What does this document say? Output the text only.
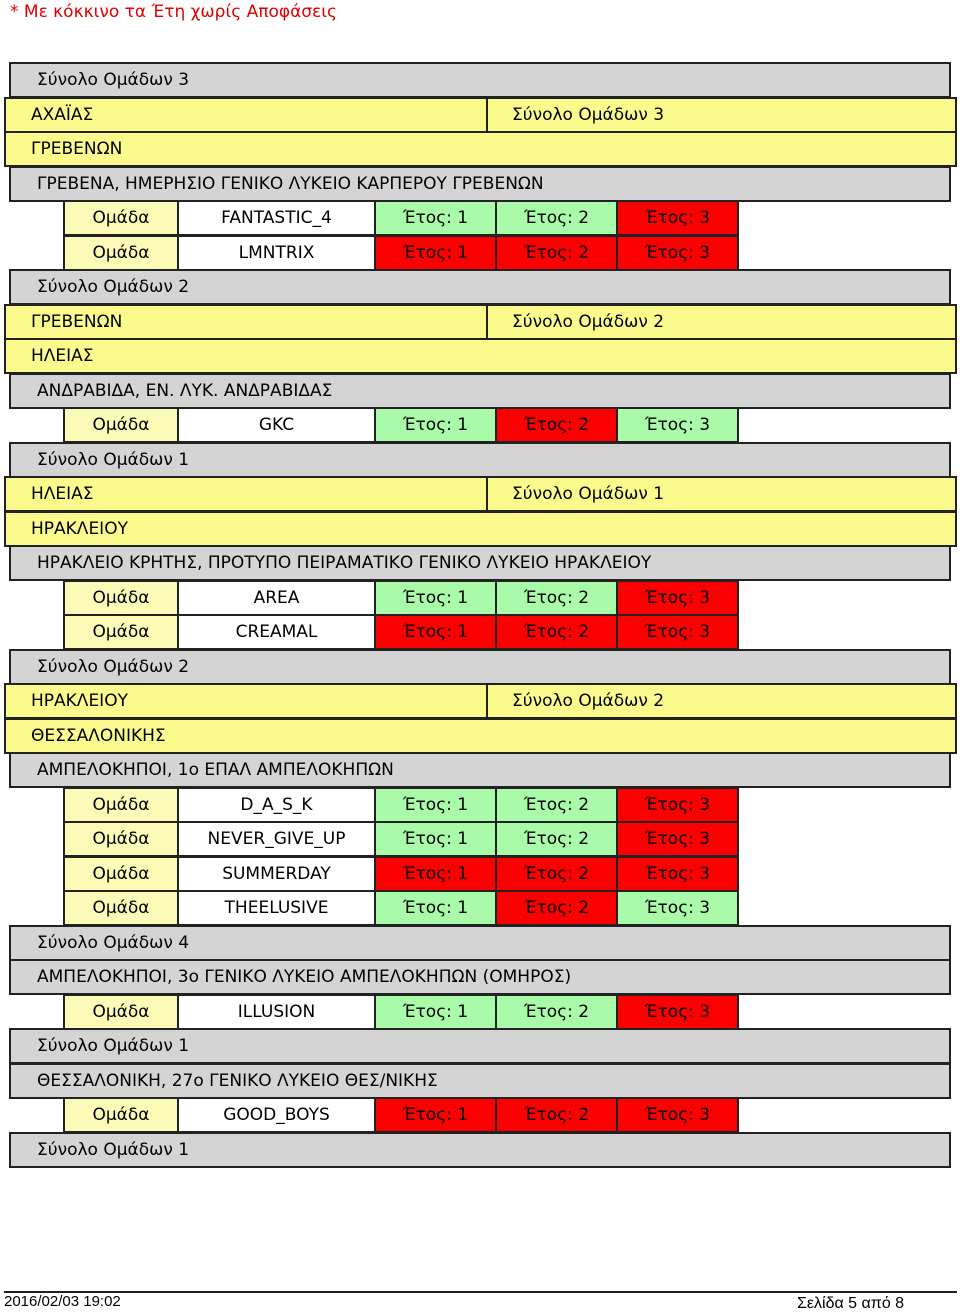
* Με κόκκινο τα Έτη χωρίς Αποφάσεις
Σύνολο Ομάδων 3
ΑΧΑΪΑΣ	Σύνολο Ομάδων 3
ΓΡΕΒΕΝΩΝ
ΓΡΕΒΕΝΑ, ΗΜΕΡΗΣΙΟ ΓΕΝΙΚΟ ΛΥΚΕΙΟ ΚΑΡΠΕΡΟΥ ΓΡΕΒΕΝΩΝ
Ομάδα	FANTASTIC_4	Έτος: 1	Έτος: 2	Έτος: 3
Ομάδα	LMNTRIX	Έτος: 1	Έτος: 2	Έτος: 3
Σύνολο Ομάδων 2
ΓΡΕΒΕΝΩΝ	Σύνολο Ομάδων 2
ΗΛΕΙΑΣ
ΑΝΔΡΑΒΙΔΑ, ΕΝ. ΛΥΚ. ΑΝΔΡΑΒΙΔΑΣ
Ομάδα	GKC	Έτος: 1	Έτος: 2	Έτος: 3
Σύνολο Ομάδων 1
ΗΛΕΙΑΣ	Σύνολο Ομάδων 1
ΗΡΑΚΛΕΙΟΥ
ΗΡΑΚΛΕΙΟ ΚΡΗΤΗΣ, ΠΡΟΤΥΠΟ ΠΕΙΡΑΜΑΤΙΚΟ ΓΕΝΙΚΟ ΛΥΚΕΙΟ ΗΡΑΚΛΕΙΟΥ
Ομάδα	AREA	Έτος: 1	Έτος: 2	Έτος: 3
Ομάδα	CREAMAL	Έτος: 1	Έτος: 2	Έτος: 3
Σύνολο Ομάδων 2
ΗΡΑΚΛΕΙΟΥ	Σύνολο Ομάδων 2
ΘΕΣΣΑΛΟΝΙΚΗΣ
ΑΜΠΕΛΟΚΗΠΟΙ, 1ο ΕΠΑΛ ΑΜΠΕΛΟΚΗΠΩΝ
Ομάδα	D_A_S_K	Έτος: 1	Έτος: 2	Έτος: 3
Ομάδα	NEVER_GIVE_UP	Έτος: 1	Έτος: 2	Έτος: 3
Ομάδα	SUMMERDAY	Έτος: 1	Έτος: 2	Έτος: 3
Ομάδα	THEELUSIVE	Έτος: 1	Έτος: 2	Έτος: 3
Σύνολο Ομάδων 4
ΑΜΠΕΛΟΚΗΠΟΙ, 3ο ΓΕΝΙΚΟ ΛΥΚΕΙΟ ΑΜΠΕΛΟΚΗΠΩΝ (ΟΜΗΡΟΣ)
Ομάδα	ILLUSION	Έτος: 1	Έτος: 2	Έτος: 3
Σύνολο Ομάδων 1
ΘΕΣΣΑΛΟΝΙΚΗ, 27ο ΓΕΝΙΚΟ ΛΥΚΕΙΟ ΘΕΣ/ΝΙΚΗΣ
Ομάδα	GOOD_BOYS	Έτος: 1	Έτος: 2	Έτος: 3
Σύνολο Ομάδων 1
2016/02/03 19:02	Σελίδα 5 από 8
